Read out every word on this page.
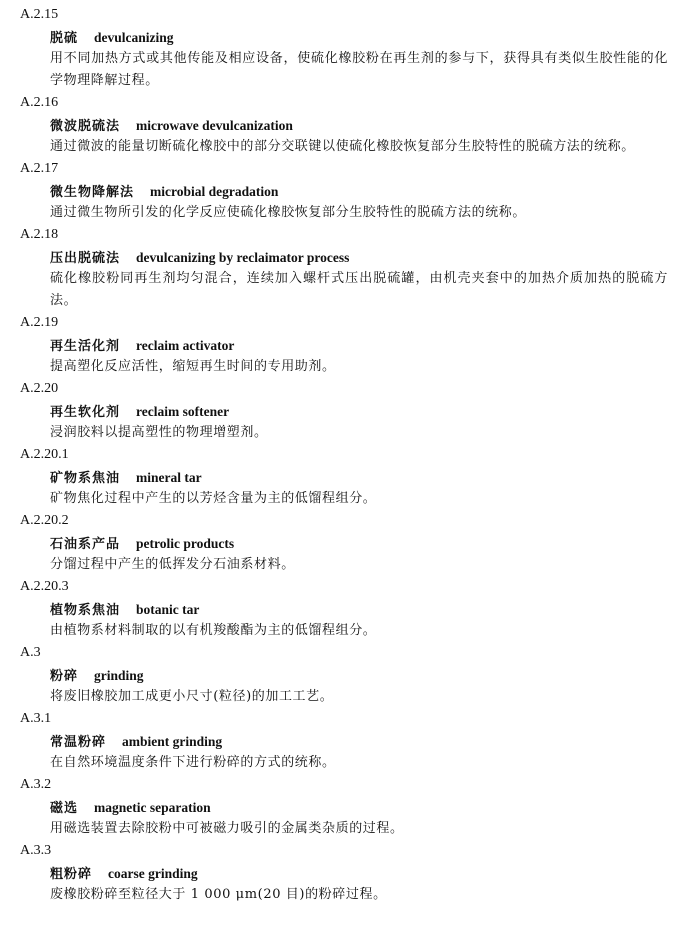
A.2.15
脱硫 devulcanizing
用不同加热方式或其他传能及相应设备，使硫化橡胶粉在再生剂的参与下，获得具有类似生胶性能的化学物理降解过程。
A.2.16
微波脱硫法 microwave devulcanization
通过微波的能量切断硫化橡胶中的部分交联键以使硫化橡胶恢复部分生胶特性的脱硫方法的统称。
A.2.17
微生物降解法 microbial degradation
通过微生物所引发的化学反应使硫化橡胶恢复部分生胶特性的脱硫方法的统称。
A.2.18
压出脱硫法 devulcanizing by reclaimator process
硫化橡胶粉同再生剂均匀混合，连续加入螺杆式压出脱硫罐，由机壳夹套中的加热介质加热的脱硫方法。
A.2.19
再生活化剂 reclaim activator
提高塑化反应活性，缩短再生时间的专用助剂。
A.2.20
再生软化剂 reclaim softener
浸润胶料以提高塑性的物理增塑剂。
A.2.20.1
矿物系焦油 mineral tar
矿物焦化过程中产生的以芳烃含量为主的低馏程组分。
A.2.20.2
石油系产品 petrolic products
分馏过程中产生的低挥发分石油系材料。
A.2.20.3
植物系焦油 botanic tar
由植物系材料制取的以有机羧酸酯为主的低馏程组分。
A.3
粉碎 grinding
将废旧橡胶加工成更小尺寸(粒径)的加工工艺。
A.3.1
常温粉碎 ambient grinding
在自然环境温度条件下进行粉碎的方式的统称。
A.3.2
磁选 magnetic separation
用磁选装置去除胶粉中可被磁力吸引的金属类杂质的过程。
A.3.3
粗粉碎 coarse grinding
废橡胶粉碎至粒径大于 1 000 μm(20 目)的粉碎过程。
